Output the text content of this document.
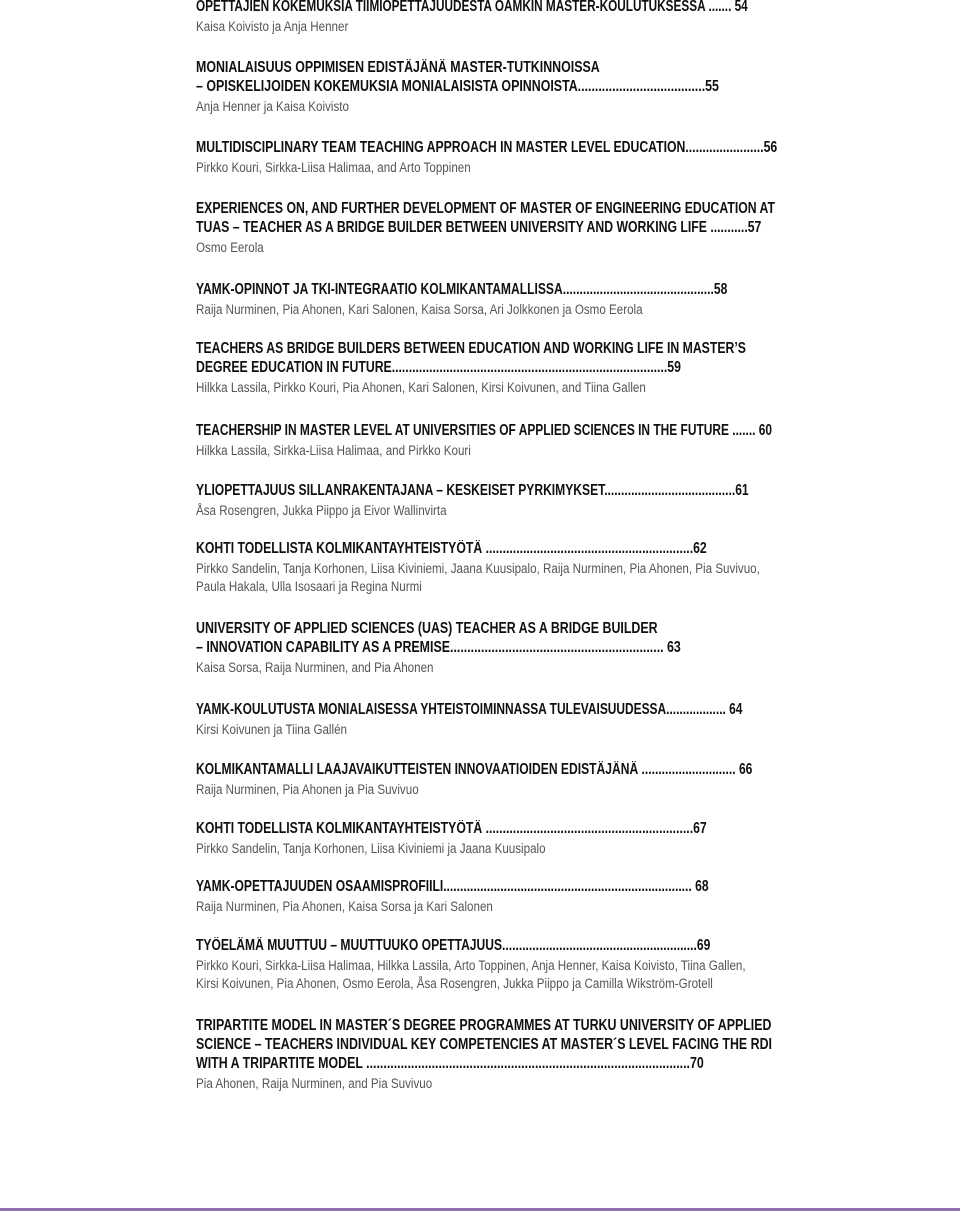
OPETTAJIEN KOKEMUKSIA TIIMIOPETTAJUUDESTA OAMKIN MASTER-KOULUTUKSESSA ....... 54
Kaisa Koivisto ja Anja Henner
MONIALAISUUS OPPIMISEN EDISTÄJÄNÄ MASTER-TUTKINNOISSA
– OPISKELIJOIDEN KOKEMUKSIA MONIALAISISTA OPINNOISTA.....................................55
Anja Henner ja Kaisa Koivisto
MULTIDISCIPLINARY TEAM TEACHING APPROACH IN MASTER LEVEL EDUCATION.......................56
Pirkko Kouri, Sirkka-Liisa Halimaa, and Arto Toppinen
EXPERIENCES ON, AND FURTHER DEVELOPMENT OF MASTER OF ENGINEERING EDUCATION AT
TUAS – TEACHER AS A BRIDGE BUILDER BETWEEN UNIVERSITY AND WORKING LIFE ...........57
Osmo Eerola
YAMK-OPINNOT JA TKI-INTEGRAATIO KOLMIKANTAMALLISSA.............................................58
Raija Nurminen, Pia Ahonen, Kari Salonen, Kaisa Sorsa, Ari Jolkkonen ja Osmo Eerola
TEACHERS AS BRIDGE BUILDERS BETWEEN EDUCATION AND WORKING LIFE IN MASTER’S
DEGREE EDUCATION IN FUTURE.................................................................................59
Hilkka Lassila, Pirkko Kouri, Pia Ahonen, Kari Salonen, Kirsi Koivunen, and Tiina Gallen
TEACHERSHIP IN MASTER LEVEL AT UNIVERSITIES OF APPLIED SCIENCES IN THE FUTURE ....... 60
Hilkka Lassila, Sirkka-Liisa Halimaa, and Pirkko Kouri
YLIOPETTAJUUS SILLANRAKENTAJANA – KESKEISET PYRKIMYKSET.......................................61
Åsa Rosengren, Jukka Piippo ja Eivor Wallinvirta
KOHTI TODELLISTA KOLMIKANTAYHTEISTYÖTÄ .............................................................62
Pirkko Sandelin, Tanja Korhonen, Liisa Kiviniemi, Jaana Kuusipalo, Raija Nurminen, Pia Ahonen, Pia Suvivuo,
Paula Hakala, Ulla Isosaari ja Regina Nurmi
UNIVERSITY OF APPLIED SCIENCES (UAS) TEACHER AS A BRIDGE BUILDER
– INNOVATION CAPABILITY AS A PREMISE.............................................................. 63
Kaisa Sorsa, Raija Nurminen, and Pia Ahonen
YAMK-KOULUTUSTA MONIALAISESSA YHTEISTOIMINNASSA TULEVAISUUDESSA.................. 64
Kirsi Koivunen ja Tiina Gallén
KOLMIKANTAMALLI LAAJAVAIKUTTEISTEN INNOVAATIOIDEN EDISTÄJÄNÄ ............................ 66
Raija Nurminen, Pia Ahonen ja Pia Suvivuo
KOHTI TODELLISTA KOLMIKANTAYHTEISTYÖTÄ .............................................................67
Pirkko Sandelin, Tanja Korhonen, Liisa Kiviniemi ja Jaana Kuusipalo
YAMK-OPETTAJUUDEN OSAAMISPROFIILI.......................................................................... 68
Raija Nurminen, Pia Ahonen, Kaisa Sorsa ja Kari Salonen
TYÖELÄMÄ MUUTTUU – MUUTTUUKO OPETTAJUUS..........................................................69
Pirkko Kouri, Sirkka-Liisa Halimaa, Hilkka Lassila, Arto Toppinen, Anja Henner, Kaisa Koivisto, Tiina Gallen,
Kirsi Koivunen, Pia Ahonen, Osmo Eerola, Åsa Rosengren, Jukka Piippo ja Camilla Wikström-Grotell
TRIPARTITE MODEL IN MASTER´S DEGREE PROGRAMMES AT TURKU UNIVERSITY OF APPLIED
SCIENCE – TEACHERS INDIVIDUAL KEY COMPETENCIES AT MASTER´S LEVEL FACING THE RDI
WITH A TRIPARTITE MODEL ..............................................................................................70
Pia Ahonen, Raija Nurminen, and Pia Suvivuo
